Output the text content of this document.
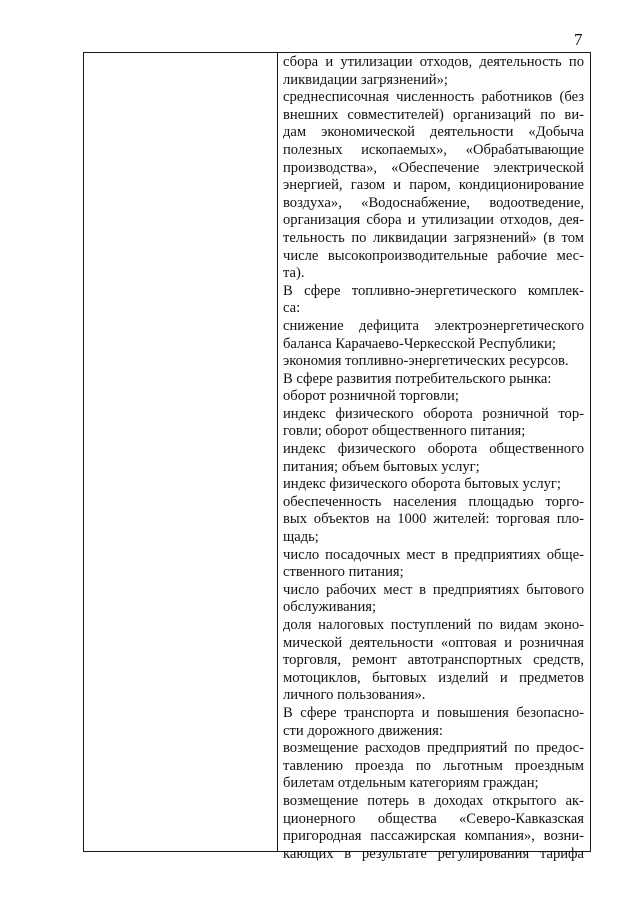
7
сбора и утилизации отходов, деятельность по
ликвидации загрязнений»;
среднесписочная численность работников (без
внешних совместителей) организаций по ви-
дам экономической деятельности «Добыча
полезных ископаемых», «Обрабатывающие
производства», «Обеспечение электрической
энергией, газом и паром, кондиционирование
воздуха», «Водоснабжение, водоотведение,
организация сбора и утилизации отходов, дея-
тельность по ликвидации загрязнений» (в том
числе высокопроизводительные рабочие мес-
та).
В сфере топливно-энергетического комплек-
са:
снижение дефицита электроэнергетического
баланса Карачаево-Черкесской Республики;
экономия топливно-энергетических ресурсов.
В сфере развития потребительского рынка:
оборот розничной торговли;
индекс физического оборота розничной тор-
говли; оборот общественного питания;
индекс физического оборота общественного
питания; объем бытовых услуг;
индекс физического оборота бытовых услуг;
обеспеченность населения площадью торго-
вых объектов на 1000 жителей: торговая пло-
щадь;
число посадочных мест в предприятиях обще-
ственного питания;
число рабочих мест в предприятиях бытового
обслуживания;
доля налоговых поступлений по видам эконо-
мической деятельности «оптовая и розничная
торговля, ремонт автотранспортных средств,
мотоциклов, бытовых изделий и предметов
личного пользования».
В сфере транспорта и повышения безопасно-
сти дорожного движения:
возмещение расходов предприятий по предос-
тавлению проезда по льготным проездным
билетам отдельным категориям граждан;
возмещение потерь в доходах открытого ак-
ционерного общества «Северо-Кавказская
пригородная пассажирская компания», возни-
кающих в результате регулирования тарифа
